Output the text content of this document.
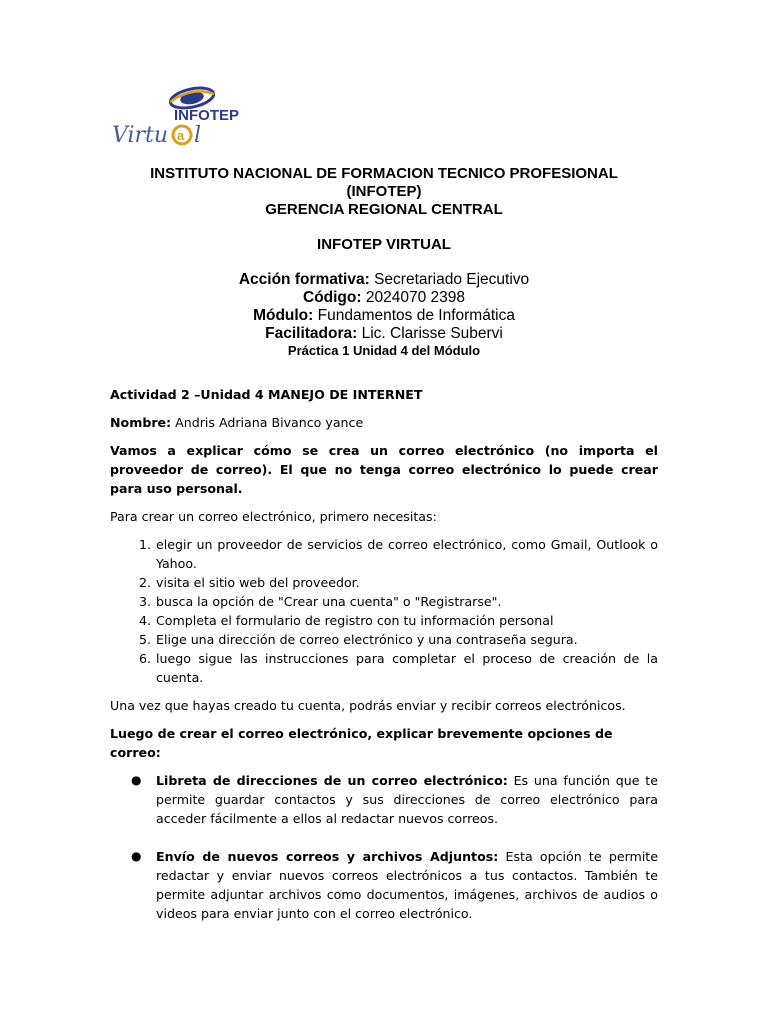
INFOTEP
Virtu a l
INSTITUTO NACIONAL DE FORMACION TECNICO PROFESIONAL
(INFOTEP)
GERENCIA REGIONAL CENTRAL
INFOTEP VIRTUAL
Acción formativa: Secretariado Ejecutivo
Código: 2024070 2398
Módulo: Fundamentos de Informática
Facilitadora: Lic. Clarisse Subervi
Práctica 1 Unidad 4 del Módulo

Actividad 2 –Unidad 4 MANEJO DE INTERNET

Nombre: Andris Adriana Bivanco yance

Vamos a explicar cómo se crea un correo electrónico (no importa el proveedor de correo). El que no tenga correo electrónico lo puede crear para uso personal.

Para crear un correo electrónico, primero necesitas:

1. elegir un proveedor de servicios de correo electrónico, como Gmail, Outlook o Yahoo.
2. visita el sitio web del proveedor.
3. busca la opción de "Crear una cuenta" o "Registrarse".
4. Completa el formulario de registro con tu información personal
5. Elige una dirección de correo electrónico y una contraseña segura.
6. luego sigue las instrucciones para completar el proceso de creación de la cuenta.

Una vez que hayas creado tu cuenta, podrás enviar y recibir correos electrónicos.

Luego de crear el correo electrónico, explicar brevemente opciones de correo:

● Libreta de direcciones de un correo electrónico: Es una función que te permite guardar contactos y sus direcciones de correo electrónico para acceder fácilmente a ellos al redactar nuevos correos.
● Envío de nuevos correos y archivos Adjuntos: Esta opción te permite redactar y enviar nuevos correos electrónicos a tus contactos. También te permite adjuntar archivos como documentos, imágenes, archivos de audios o videos para enviar junto con el correo electrónico.
